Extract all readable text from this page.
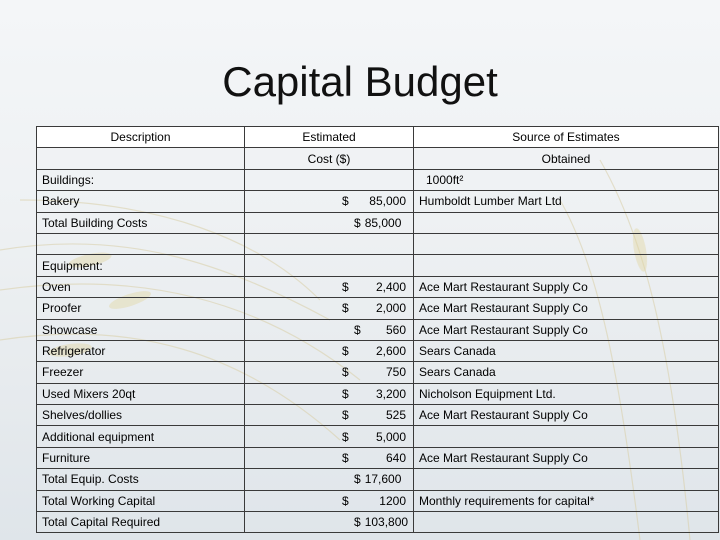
Capital Budget
Description	Estimated	Source of Estimates
	Cost ($)	Obtained
Buildings:		1000ft²
Bakery	$ 85,000	Humboldt Lumber Mart Ltd
Total Building Costs	$ 85,000	

Equipment:	

Oven	$ 2,400	Ace Mart Restaurant Supply Co
Proofer	$ 2,000	Ace Mart Restaurant Supply Co
Showcase	$ 560	Ace Mart Restaurant Supply Co
Refrigerator	$ 2,600	Sears Canada
Freezer	$ 750	Sears Canada
Used Mixers 20qt	$ 3,200	Nicholson Equipment Ltd.
Shelves/dollies	$ 525	Ace Mart Restaurant Supply Co
Additional equipment	$ 5,000	

Furniture	$ 640	Ace Mart Restaurant Supply Co
Total Equip. Costs	$ 17,600	

Total Working Capital	$ 1200	Monthly requirements for capital*
Total Capital Required	$ 103,800	
